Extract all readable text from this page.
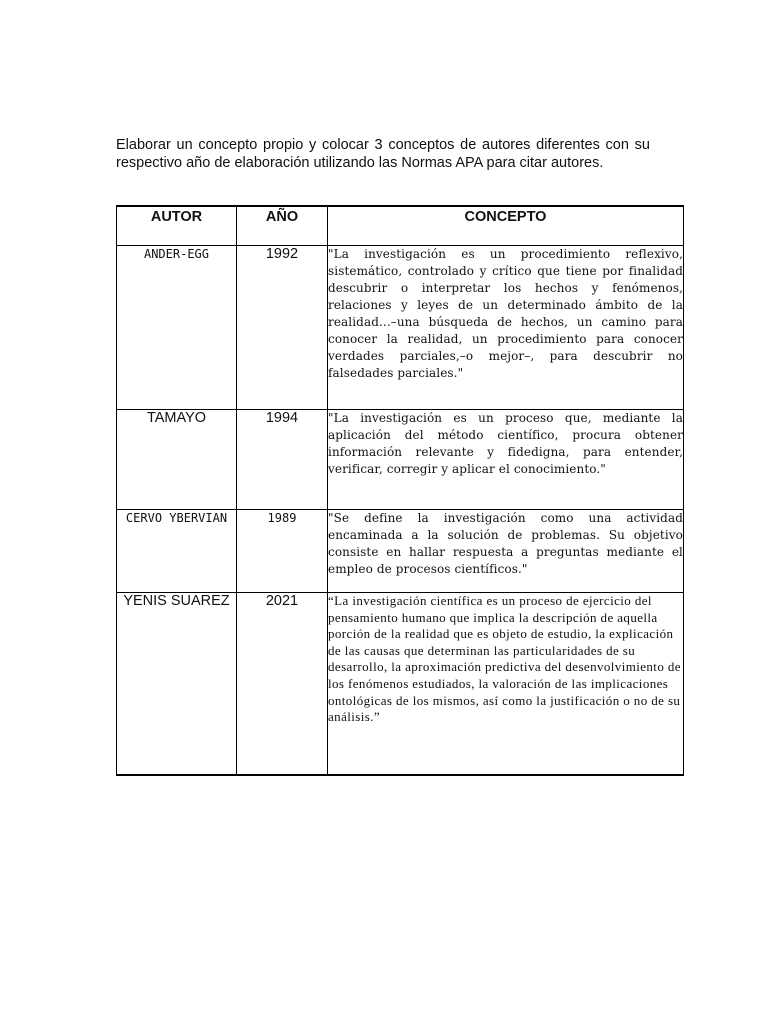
Elaborar un concepto propio y colocar 3 conceptos de autores diferentes con su respectivo año de elaboración utilizando las Normas APA para citar autores.
AUTOR	AÑO	CONCEPTO
ANDER-EGG	1992	"La investigación es un procedimiento reflexivo, sistemático, controlado y crítico que tiene por finalidad descubrir o interpretar los hechos y fenómenos, relaciones y leyes de un determinado ámbito de la realidad...–una búsqueda de hechos, un camino para conocer la realidad, un procedimiento para conocer verdades parciales,–o mejor–, para descubrir no falsedades parciales."
TAMAYO	1994	"La investigación es un proceso que, mediante la aplicación del método científico, procura obtener información relevante y fidedigna, para entender, verificar, corregir y aplicar el conocimiento."
CERVO YBERVIAN	1989	"Se define la investigación como una actividad encaminada a la solución de problemas. Su objetivo consiste en hallar respuesta a preguntas mediante el empleo de procesos científicos."
YENIS SUAREZ	2021	“La investigación científica es un proceso de ejercicio del pensamiento humano que implica la descripción de aquella porción de la realidad que es objeto de estudio, la explicación de las causas que determinan las particularidades de su desarrollo, la aproximación predictiva del desenvolvimiento de los fenómenos estudiados, la valoración de las implicaciones ontológicas de los mismos, así como la justificación o no de su análisis.”
